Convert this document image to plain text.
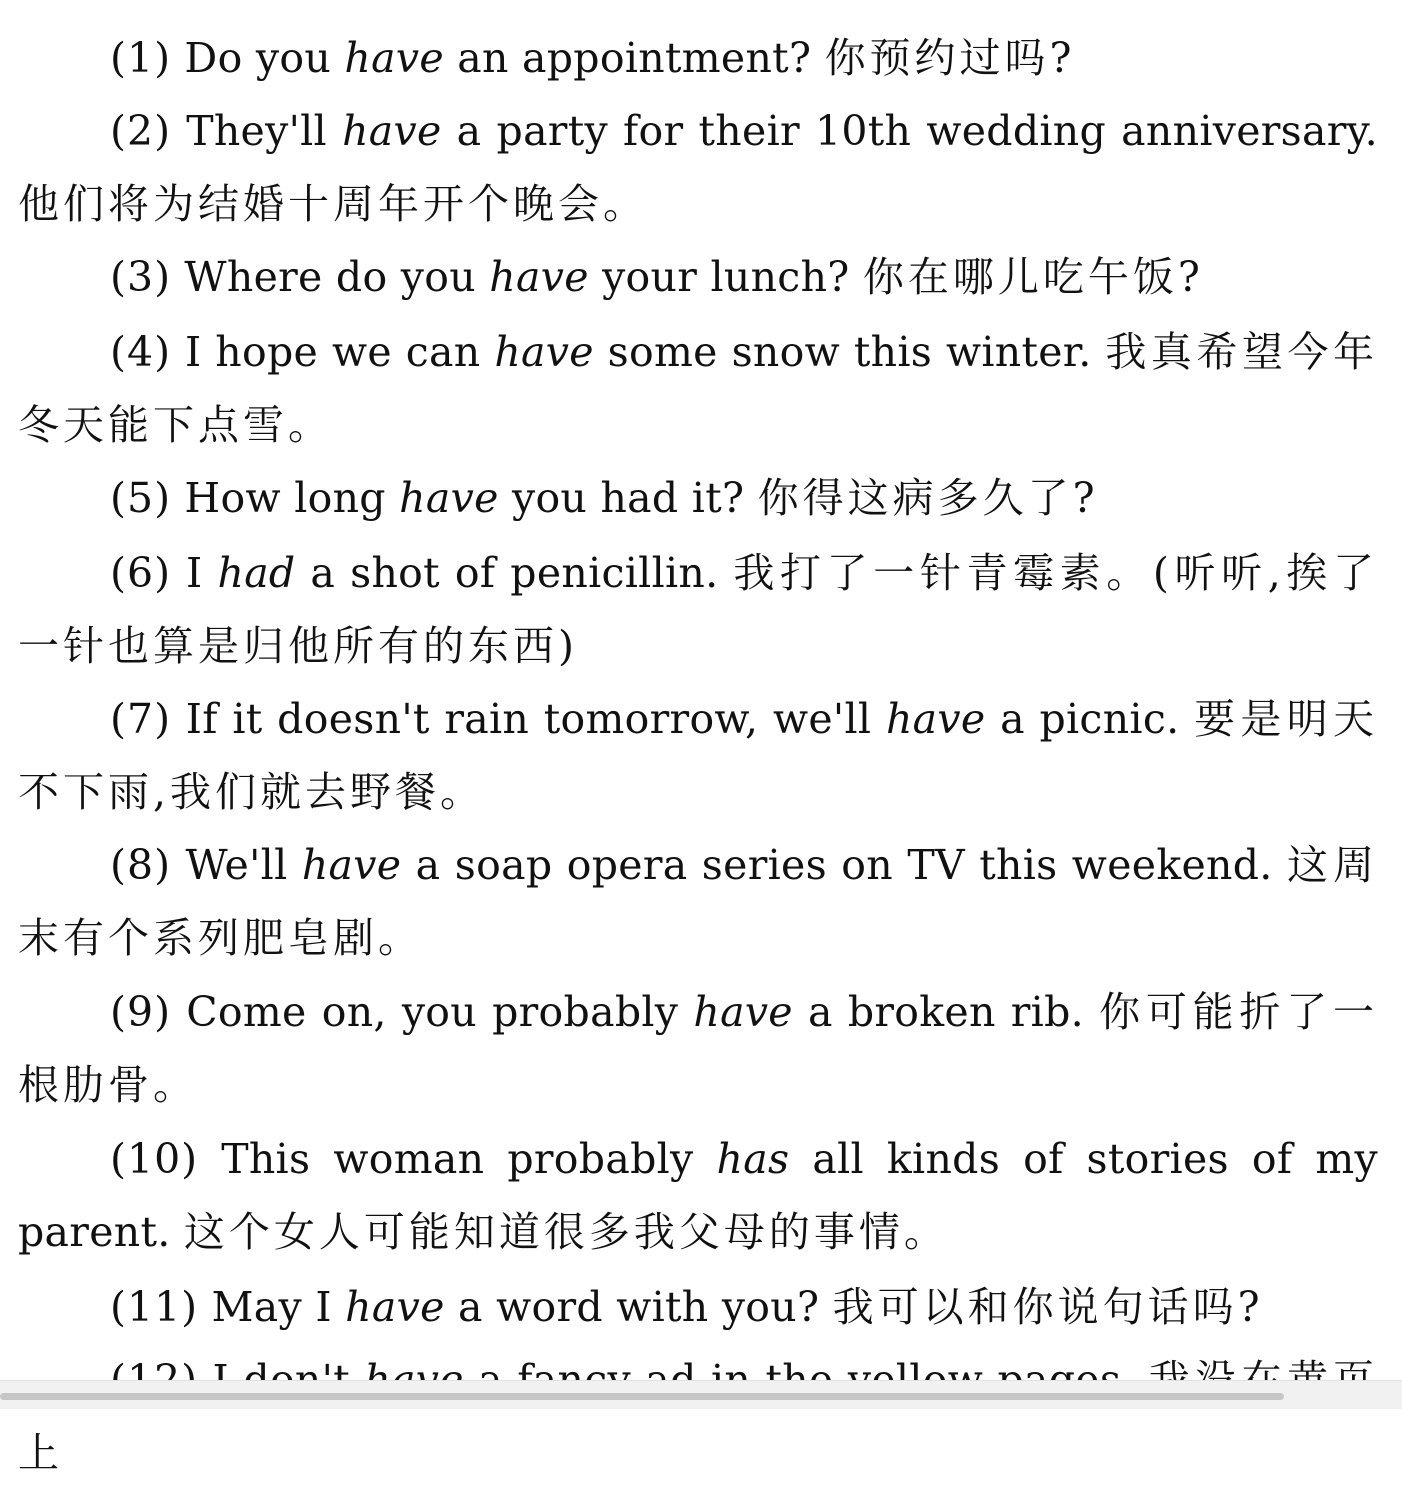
(1) Do you have an appointment? 你预约过吗?

(2) They'll have a party for their 10th wedding anniversary. 他们将为结婚十周年开个晚会。

(3) Where do you have your lunch? 你在哪儿吃午饭?

(4) I hope we can have some snow this winter. 我真希望今年冬天能下点雪。

(5) How long have you had it? 你得这病多久了?

(6) I had a shot of penicillin. 我打了一针青霉素。(听听,挨了一针也算是归他所有的东西)

(7) If it doesn't rain tomorrow, we'll have a picnic. 要是明天不下雨,我们就去野餐。

(8) We'll have a soap opera series on TV this weekend. 这周末有个系列肥皂剧。

(9) Come on, you probably have a broken rib. 你可能折了一根肋骨。

(10) This woman probably has all kinds of stories of my parent. 这个女人可能知道很多我父母的事情。

(11) May I have a word with you? 我可以和你说句话吗?

上
